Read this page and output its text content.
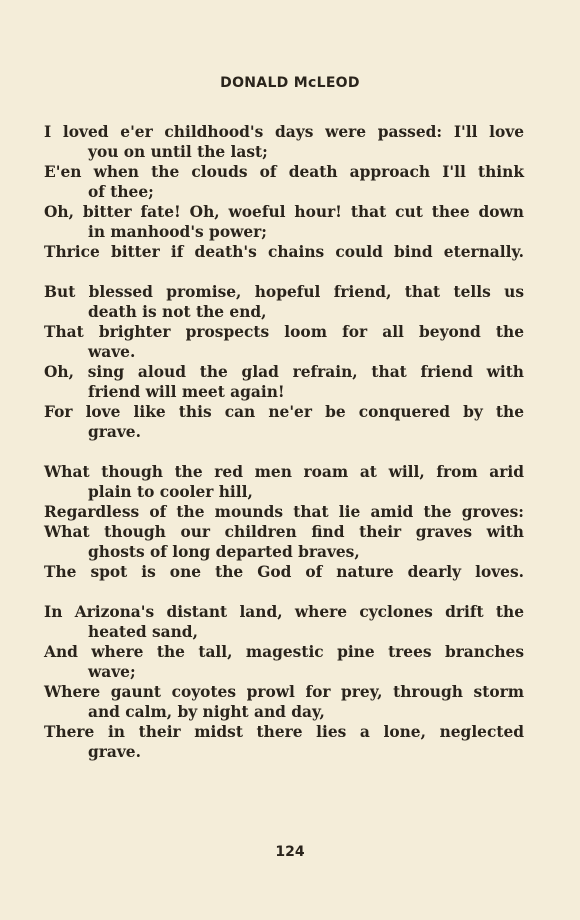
DONALD McLEOD
I loved e'er childhood's days were passed: I'll love
you on until the last;
E'en when the clouds of death approach I'll think
of thee;
Oh, bitter fate! Oh, woeful hour! that cut thee down
in manhood's power;
Thrice bitter if death's chains could bind eternally.
But blessed promise, hopeful friend, that tells us
death is not the end,
That brighter prospects loom for all beyond the
wave.
Oh, sing aloud the glad refrain, that friend with
friend will meet again!
For love like this can ne'er be conquered by the
grave.
What though the red men roam at will, from arid
plain to cooler hill,
Regardless of the mounds that lie amid the groves:
What though our children find their graves with
ghosts of long departed braves,
The spot is one the God of nature dearly loves.
In Arizona's distant land, where cyclones drift the
heated sand,
And where the tall, magestic pine trees branches
wave;
Where gaunt coyotes prowl for prey, through storm
and calm, by night and day,
There in their midst there lies a lone, neglected
grave.
124
